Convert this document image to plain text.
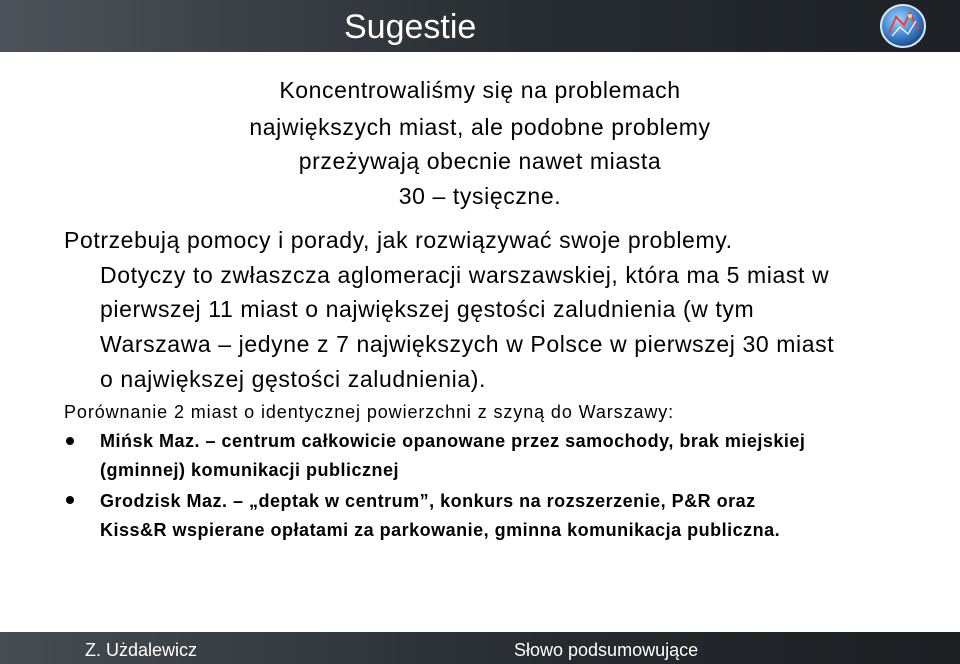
Sugestie
Koncentrowaliśmy się na problemach
największych miast, ale podobne problemy
przeżywają obecnie nawet miasta
30 – tysięczne.
Potrzebują pomocy i porady, jak rozwiązywać swoje problemy.
Dotyczy to zwłaszcza aglomeracji warszawskiej, która ma 5 miast w
pierwszej 11 miast o największej gęstości zaludnienia (w tym
Warszawa – jedyne z 7 największych w Polsce w pierwszej 30 miast
o największej gęstości zaludnienia).
Porównanie 2 miast o identycznej powierzchni z szyną do Warszawy:
Mińsk Maz. – centrum całkowicie opanowane przez samochody, brak miejskiej
(gminnej) komunikacji publicznej
Grodzisk Maz. – „deptak w centrum”, konkurs na rozszerzenie, P&R oraz
Kiss&R wspierane opłatami za parkowanie, gminna komunikacja publiczna.
Z. Użdalewicz	Słowo podsumowujące
